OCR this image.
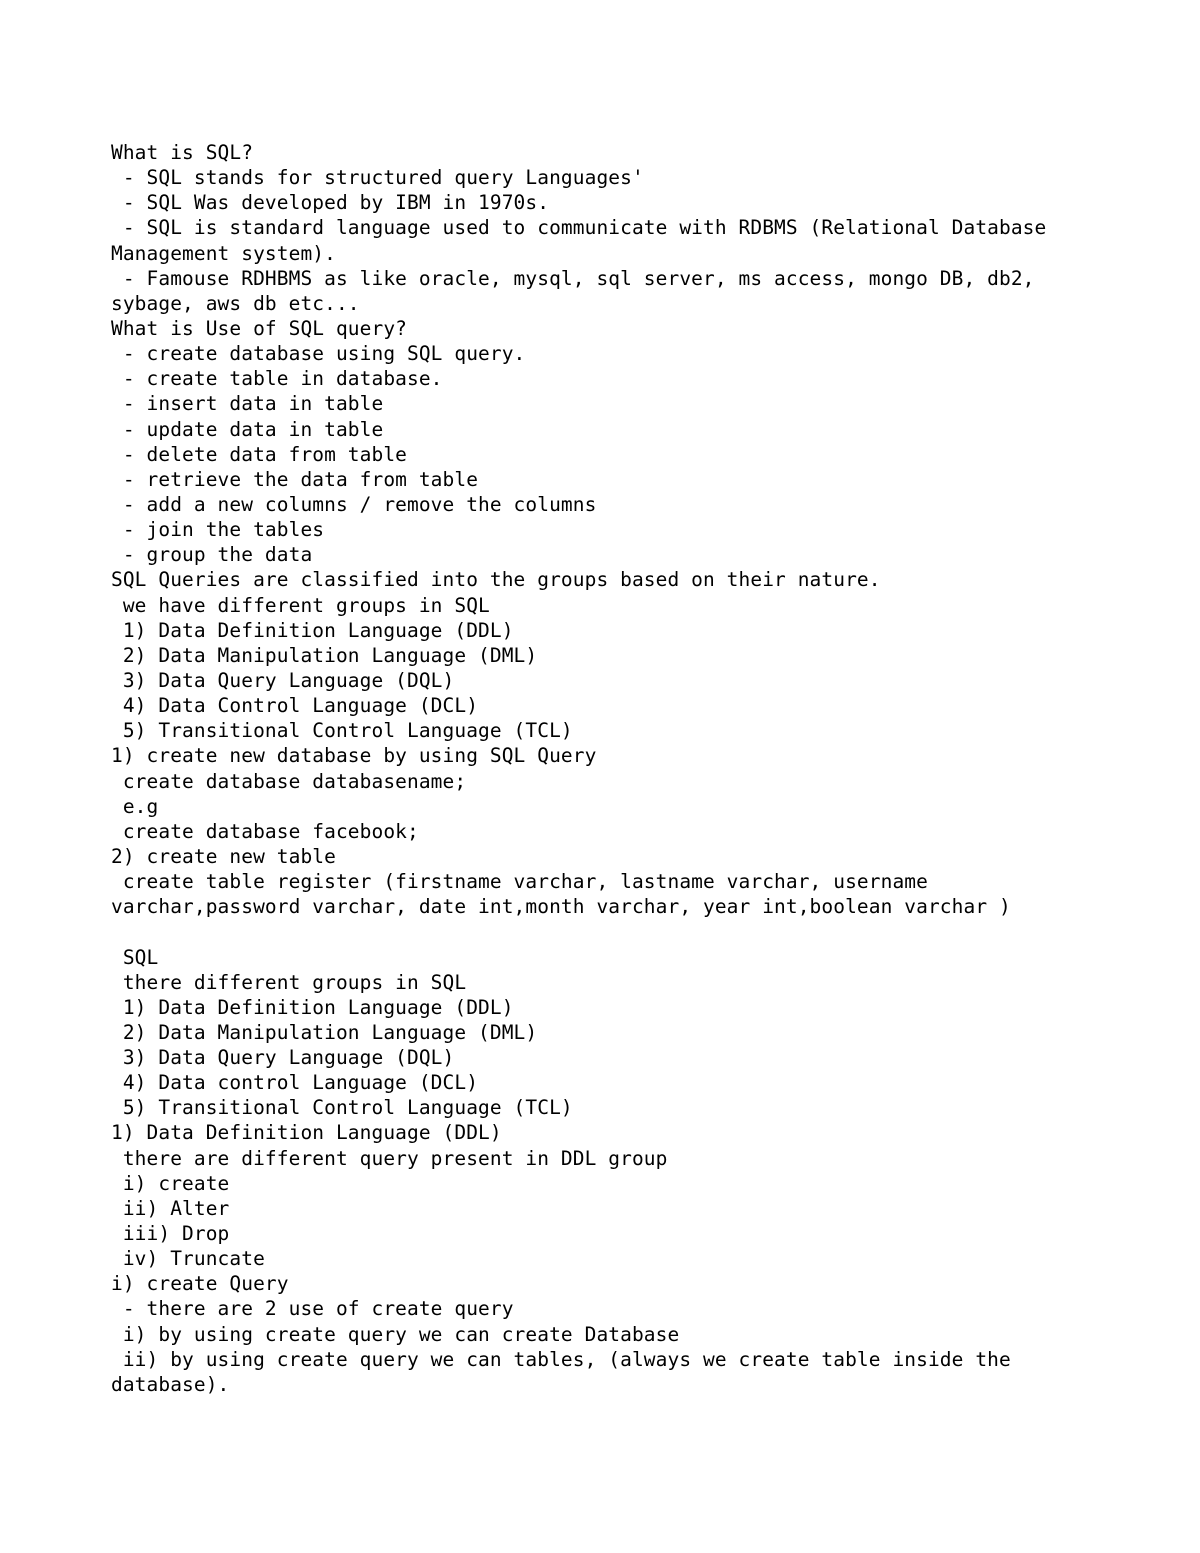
What is SQL?
- SQL stands for structured query Languages'
- SQL Was developed by IBM in 1970s.
- SQL is standard language used to communicate with RDBMS (Relational Database
Management system).
- Famouse RDHBMS as like oracle, mysql, sql server, ms access, mongo DB, db2,
sybage, aws db etc...
What is Use of SQL query?
- create database using SQL query.
- create table in database.
- insert data in table
- update data in table
- delete data from table
- retrieve the data from table
- add a new columns / remove the columns
- join the tables
- group the data
SQL Queries are classified into the groups based on their nature.
we have different groups in SQL
1) Data Definition Language (DDL)
2) Data Manipulation Language (DML)
3) Data Query Language (DQL)
4) Data Control Language (DCL)
5) Transitional Control Language (TCL)
1) create new database by using SQL Query
create database databasename;
e.g
create database facebook;
2) create new table
create table register (firstname varchar, lastname varchar, username
varchar,password varchar, date int,month varchar, year int,boolean varchar )
SQL
there different groups in SQL
1) Data Definition Language (DDL)
2) Data Manipulation Language (DML)
3) Data Query Language (DQL)
4) Data control Language (DCL)
5) Transitional Control Language (TCL)
1) Data Definition Language (DDL)
there are different query present in DDL group
i) create
ii) Alter
iii) Drop
iv) Truncate
i) create Query
- there are 2 use of create query
i) by using create query we can create Database
ii) by using create query we can tables, (always we create table inside the
database).
